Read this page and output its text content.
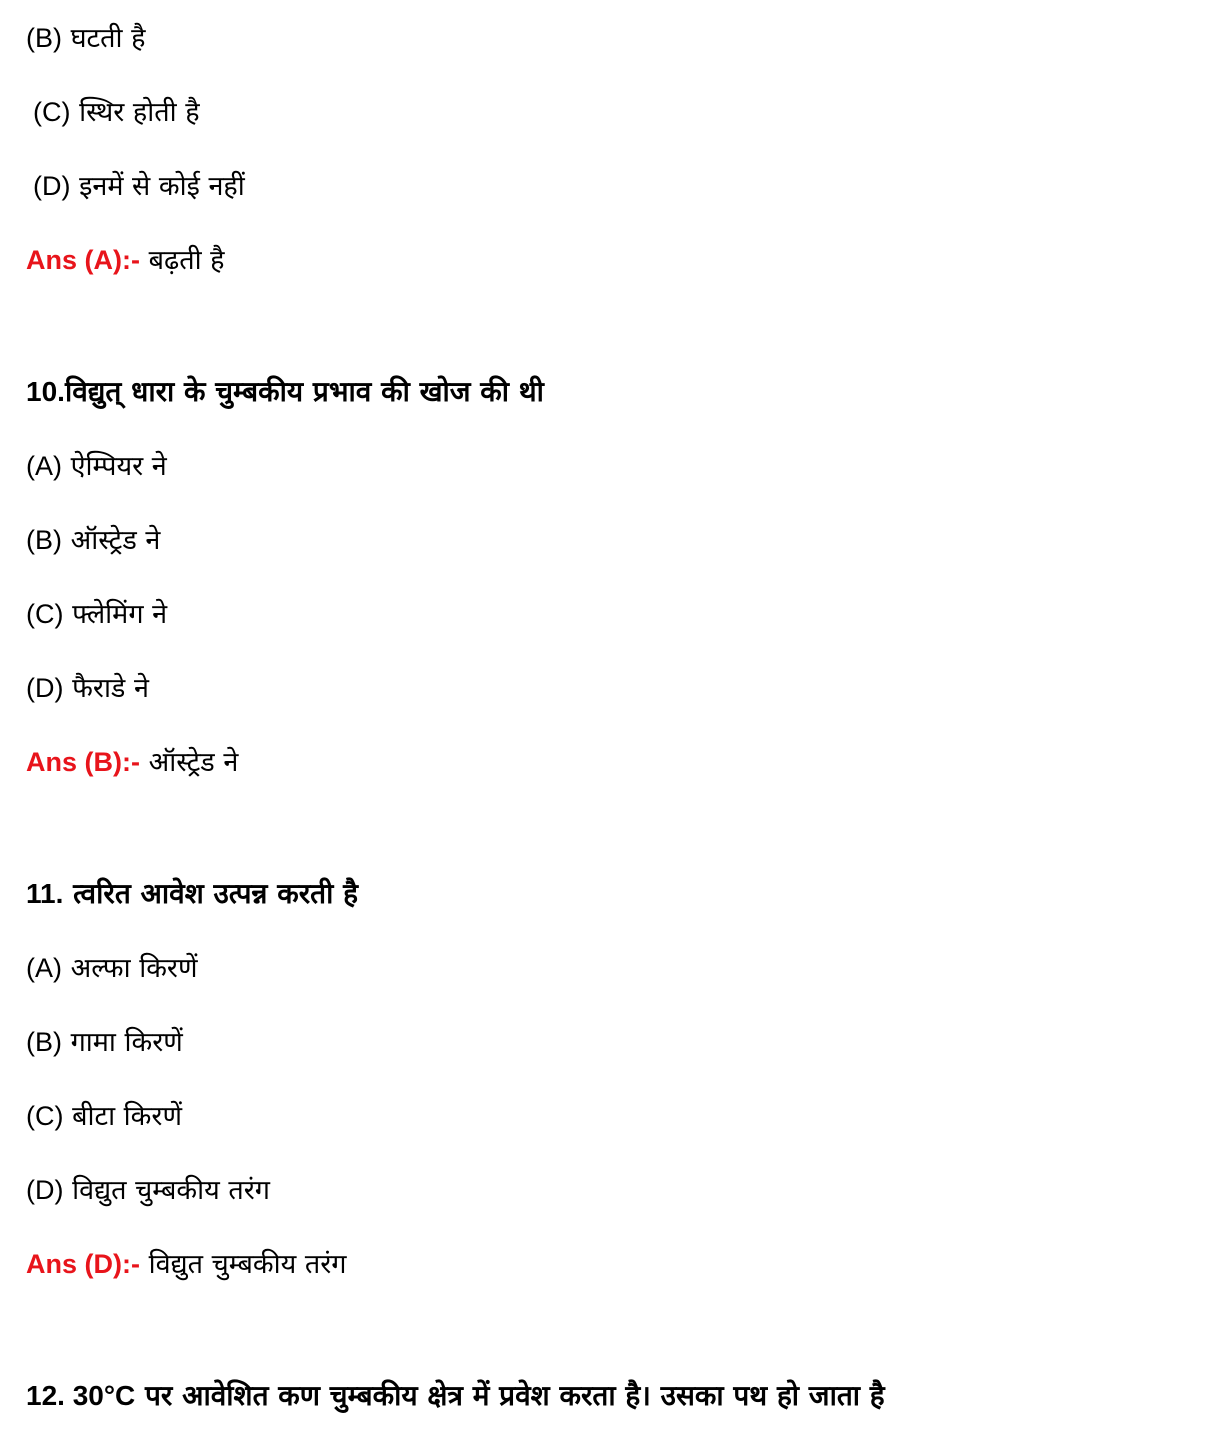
(B) घटती है
(C) स्थिर होती है
(D) इनमें से कोई नहीं
Ans (A):- बढ़ती है
10.विद्युत् धारा के चुम्बकीय प्रभाव की खोज की थी
(A) ऐम्पियर ने
(B) ऑस्ट्रेड ने
(C) फ्लेमिंग ने
(D) फैराडे ने
Ans (B):- ऑस्ट्रेड ने
11. त्वरित आवेश उत्पन्न करती है
(A) अल्फा किरणें
(B) गामा किरणें
(C) बीटा किरणें
(D) विद्युत चुम्बकीय तरंग
Ans (D):- विद्युत चुम्बकीय तरंग
12. 30°C पर आवेशित कण चुम्बकीय क्षेत्र में प्रवेश करता है। उसका पथ हो जाता है
